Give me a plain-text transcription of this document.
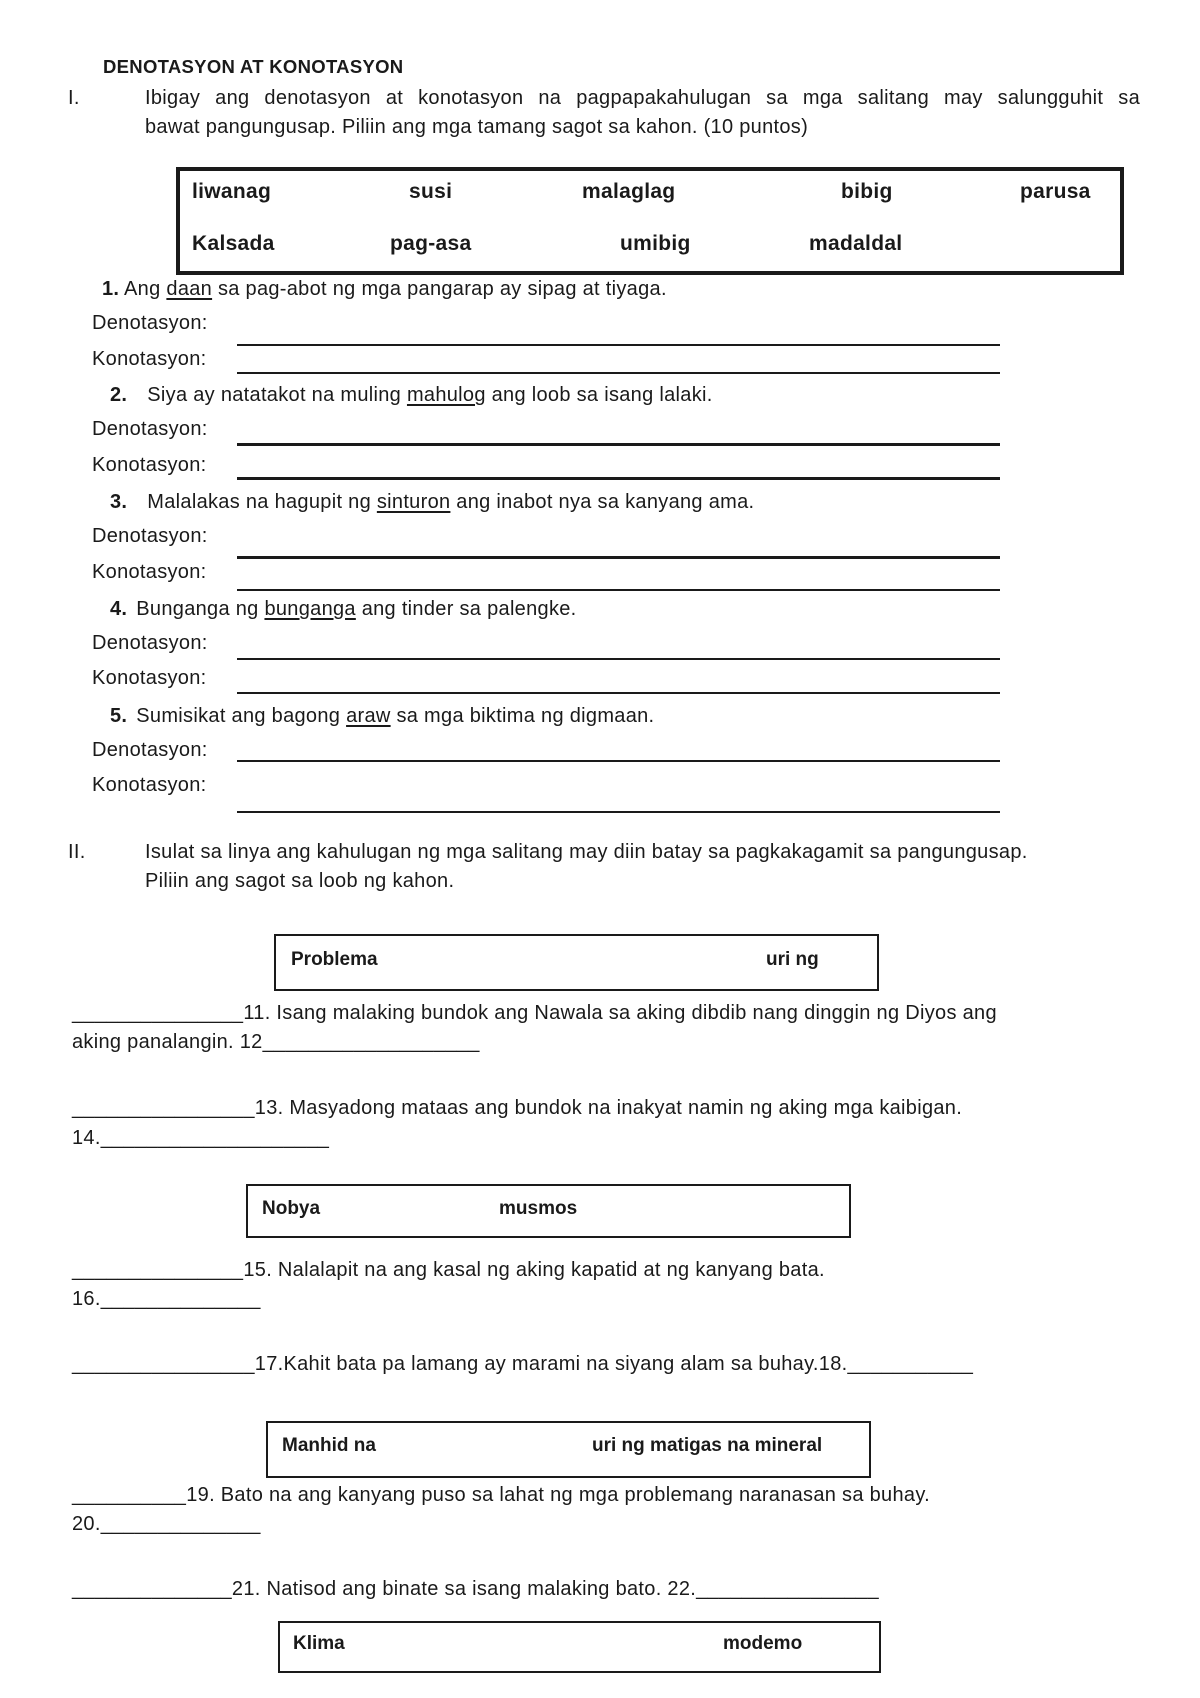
DENOTASYON AT KONOTASYON
I.	Ibigay ang denotasyon at konotasyon na pagpapakahulugan sa mga salitang may salungguhit sa
bawat pangungusap. Piliin ang mga tamang sagot sa kahon. (10 puntos)
liwanag	susi	malaglag	bibig	parusa
Kalsada	pag-asa	umibig	madaldal
1. Ang daan sa pag-abot ng mga pangarap ay sipag at tiyaga.
Denotasyon:
Konotasyon:
2. Siya ay natatakot na muling mahulog ang loob sa isang lalaki.
Denotasyon:
Konotasyon:
3. Malalakas na hagupit ng sinturon ang inabot nya sa kanyang ama.
Denotasyon:
Konotasyon:
4. Bunganga ng bunganga ang tinder sa palengke.
Denotasyon:
Konotasyon:
5. Sumisikat ang bagong araw sa mga biktima ng digmaan.
Denotasyon:
Konotasyon:
II.	Isulat sa linya ang kahulugan ng mga salitang may diin batay sa pagkakagamit sa pangungusap.
Piliin ang sagot sa loob ng kahon.
Problema	uri ng
_______________11. Isang malaking bundok ang Nawala sa aking dibdib nang dinggin ng Diyos ang
aking panalangin. 12___________________
________________13. Masyadong mataas ang bundok na inakyat namin ng aking mga kaibigan.
14.____________________
Nobya	musmos
_______________15. Nalalapit na ang kasal ng aking kapatid at ng kanyang bata.
16.______________
________________17.Kahit bata pa lamang ay marami na siyang alam sa buhay.18.___________
Manhid na	uri ng matigas na mineral
__________19. Bato na ang kanyang puso sa lahat ng mga problemang naranasan sa buhay.
20.______________
______________21. Natisod ang binate sa isang malaking bato. 22.________________
Klima	modemo
